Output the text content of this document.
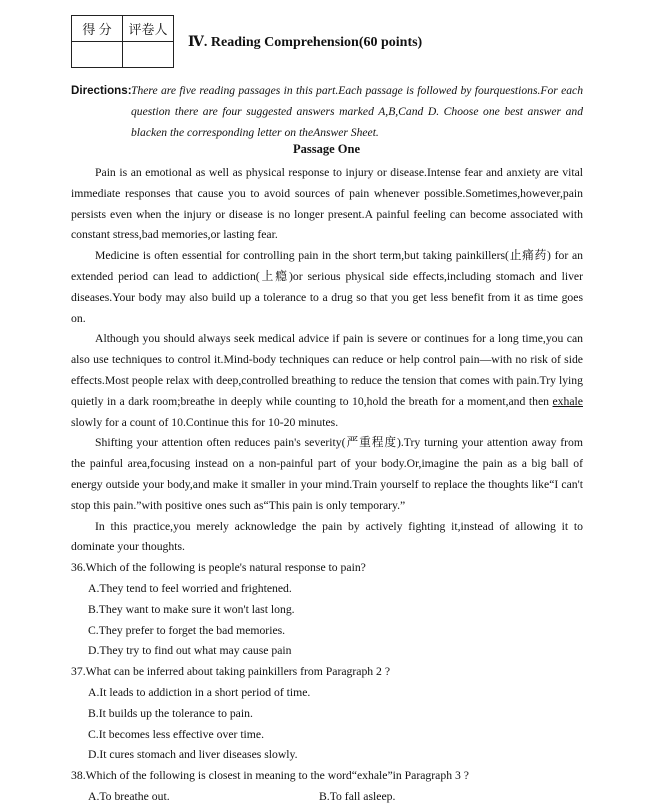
得 分	评卷人

Ⅳ. Reading Comprehension(60 points)
Directions: There are five reading passages in this part.Each passage is followed by fourquestions.For each question there are four suggested answers marked A,B,Cand D. Choose one best answer and blacken the corresponding letter on theAnswer Sheet.
Passage One

Pain is an emotional as well as physical response to injury or disease.Intense fear and anxiety are vital immediate responses that cause you to avoid sources of pain whenever possible.Sometimes,however,pain persists even when the injury or disease is no longer present.A painful feeling can become associated with constant stress,bad memories,or lasting fear.

Medicine is often essential for controlling pain in the short term,but taking painkillers(止痛药) for an extended period can lead to addiction(上瘾)or serious physical side effects,including stomach and liver diseases.Your body may also build up a tolerance to a drug so that you get less benefit from it as time goes on.

Although you should always seek medical advice if pain is severe or continues for a long time,you can also use techniques to control it.Mind-body techniques can reduce or help control pain—with no risk of side effects.Most people relax with deep,controlled breathing to reduce the tension that comes with pain.Try lying quietly in a dark room;breathe in deeply while counting to 10,hold the breath for a moment,and then exhale slowly for a count of 10.Continue this for 10-20 minutes.

Shifting your attention often reduces pain's severity(严重程度).Try turning your attention away from the painful area,focusing instead on a non-painful part of your body.Or,imagine the pain as a big ball of energy outside your body,and make it smaller in your mind.Train yourself to replace the thoughts like“I can't stop this pain.”with positive ones such as“This pain is only temporary.”

In this practice,you merely acknowledge the pain by actively fighting it,instead of allowing it to dominate your thoughts.

36.Which of the following is people's natural response to pain?
A.They tend to feel worried and frightened.
B.They want to make sure it won't last long.
C.They prefer to forget the bad memories.
D.They try to find out what may cause pain
37.What can be inferred about taking painkillers from Paragraph 2 ?
A.It leads to addiction in a short period of time.
B.It builds up the tolerance to pain.
C.It becomes less effective over time.
D.It cures stomach and liver diseases slowly.
38.Which of the following is closest in meaning to the word“exhale”in Paragraph 3 ?
A.To breathe out.	B.To fall asleep.
